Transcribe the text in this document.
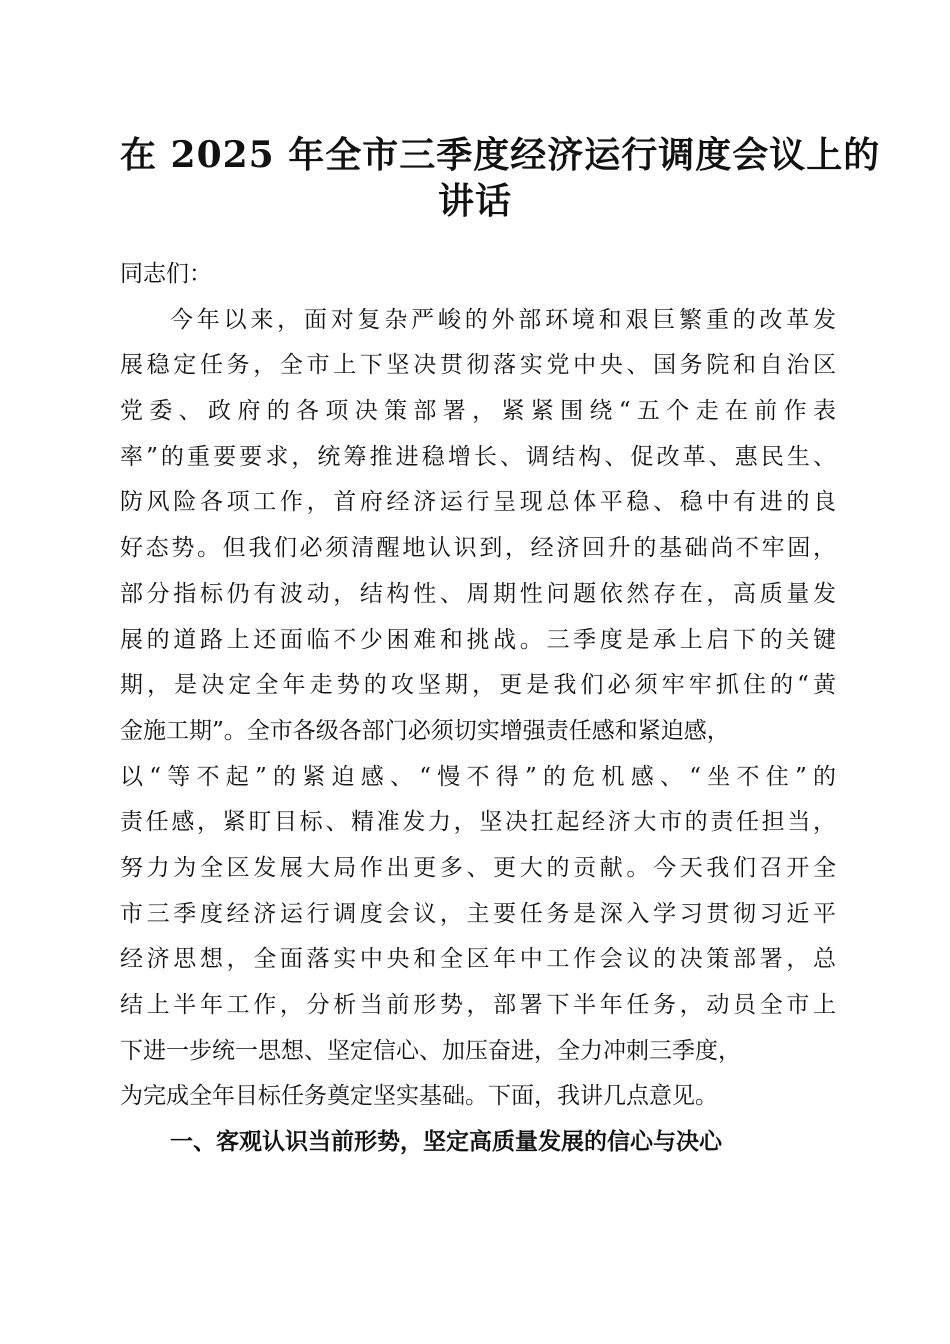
在 2025 年全市三季度经济运行调度会议上的
讲话
同志们：
今年以来，面对复杂严峻的外部环境和艰巨繁重的改革发
展稳定任务，全市上下坚决贯彻落实党中央、国务院和自治区
党委、政府的各项决策部署，紧紧围绕“五个走在前作表
率”的重要要求，统筹推进稳增长、调结构、促改革、惠民生、
防风险各项工作，首府经济运行呈现总体平稳、稳中有进的良
好态势。但我们必须清醒地认识到，经济回升的基础尚不牢固，
部分指标仍有波动，结构性、周期性问题依然存在，高质量发
展的道路上还面临不少困难和挑战。三季度是承上启下的关键
期，是决定全年走势的攻坚期，更是我们必须牢牢抓住的“黄
金施工期”。全市各级各部门必须切实增强责任感和紧迫感，
以“等不起”的紧迫感、“慢不得”的危机感、“坐不住”的
责任感，紧盯目标、精准发力，坚决扛起经济大市的责任担当，
努力为全区发展大局作出更多、更大的贡献。今天我们召开全
市三季度经济运行调度会议，主要任务是深入学习贯彻习近平
经济思想，全面落实中央和全区年中工作会议的决策部署，总
结上半年工作，分析当前形势，部署下半年任务，动员全市上
下进一步统一思想、坚定信心、加压奋进，全力冲刺三季度，
为完成全年目标任务奠定坚实基础。下面，我讲几点意见。
一、客观认识当前形势，坚定高质量发展的信心与决心
